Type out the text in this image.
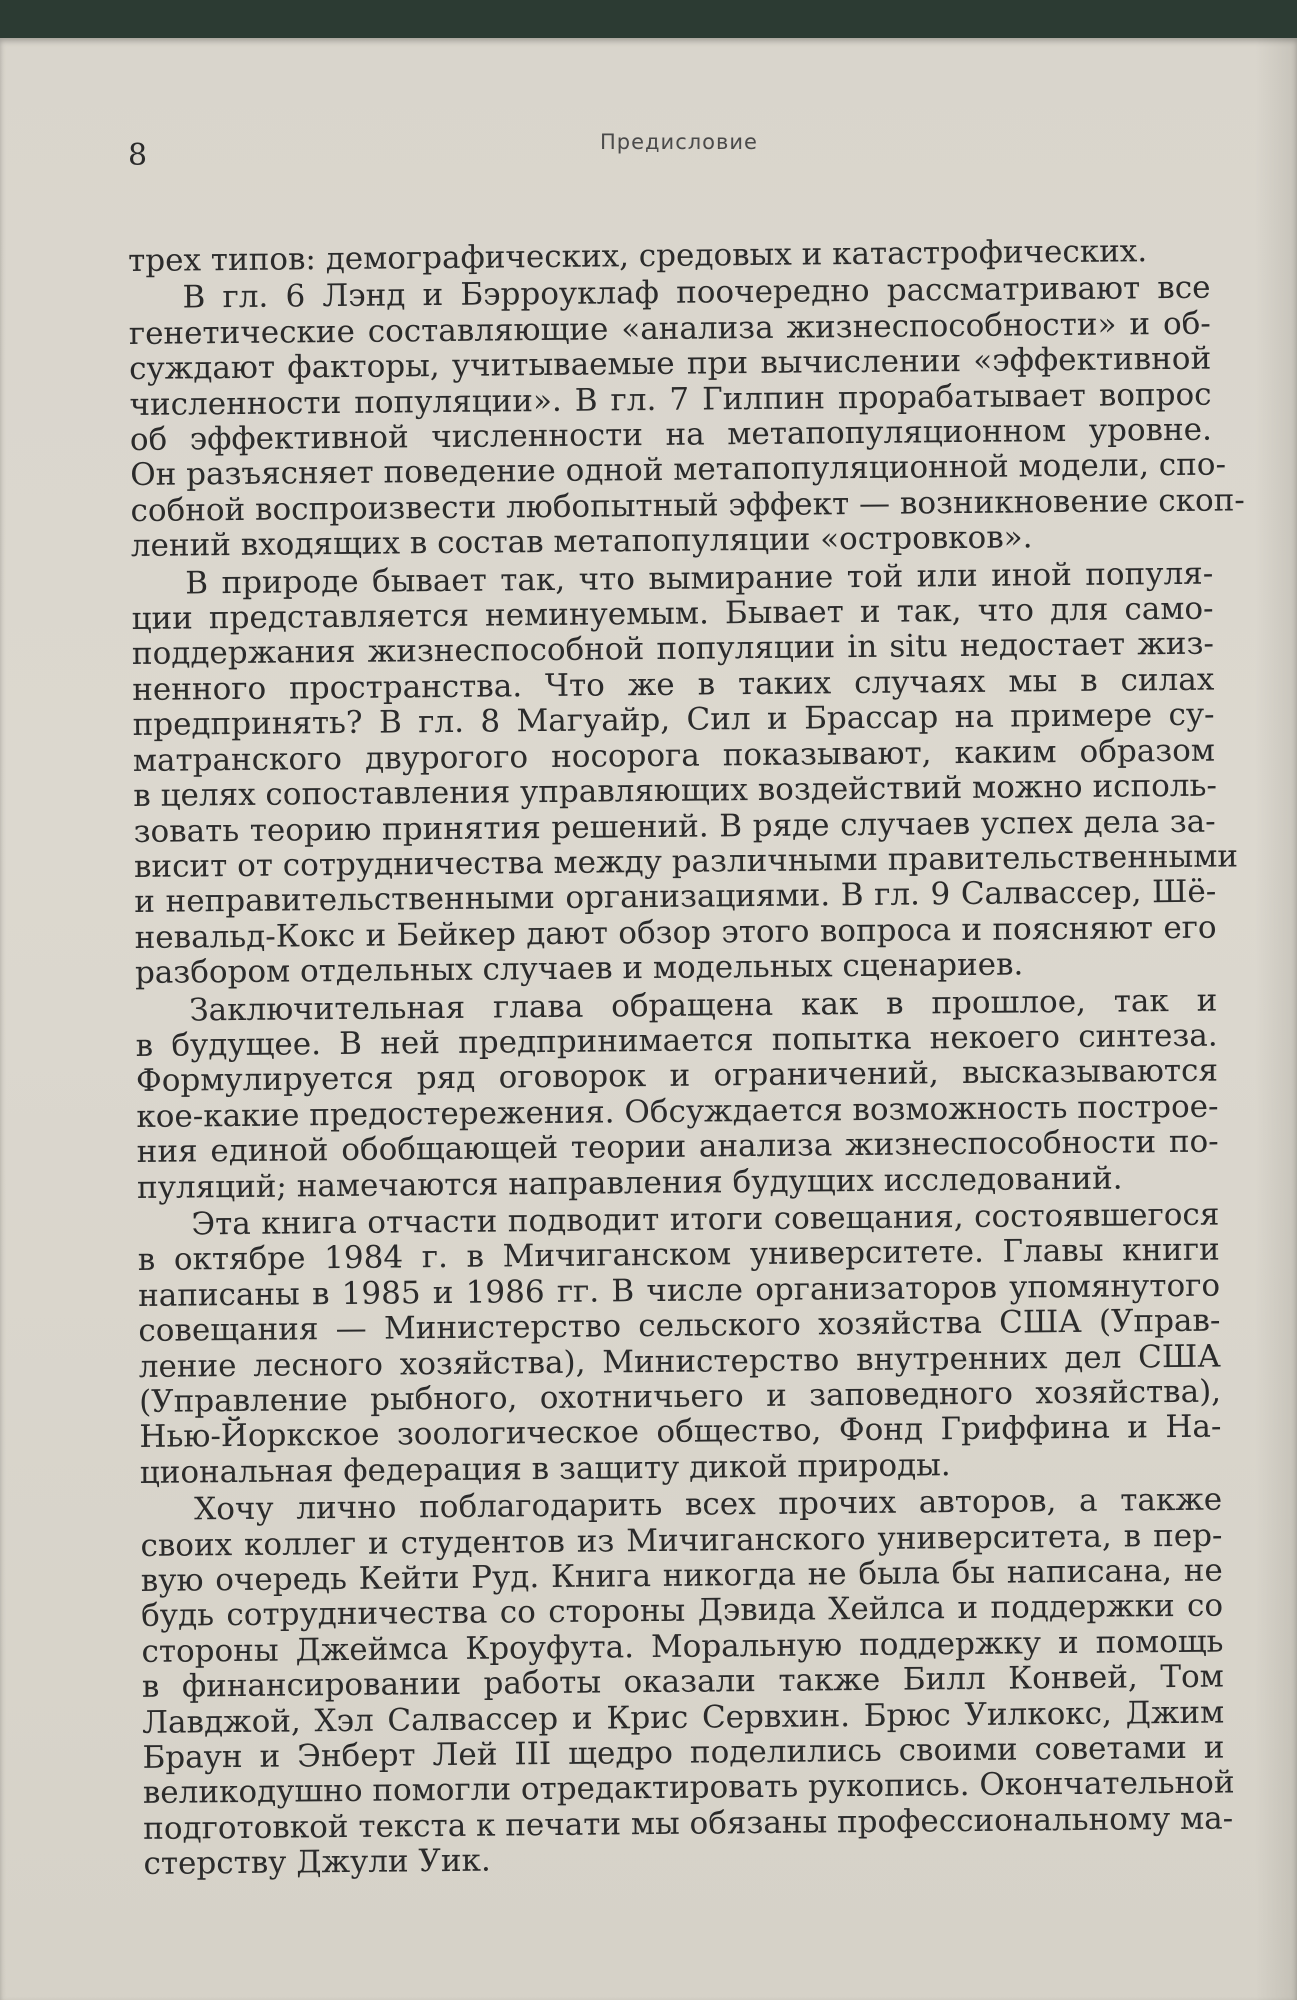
8	Предисловие

трех типов: демографических, средовых и катастрофических.

В гл. 6 Лэнд и Бэрроуклаф поочередно рассматривают все
генетические составляющие «анализа жизнеспособности» и об-
суждают факторы, учитываемые при вычислении «эффективной
численности популяции». В гл. 7 Гилпин прорабатывает вопрос
об эффективной численности на метапопуляционном уровне.
Он разъясняет поведение одной метапопуляционной модели, спо-
собной воспроизвести любопытный эффект — возникновение скоп-
лений входящих в состав метапопуляции «островков».

В природе бывает так, что вымирание той или иной популя-
ции представляется неминуемым. Бывает и так, что для само-
поддержания жизнеспособной популяции in situ недостает жиз-
ненного пространства. Что же в таких случаях мы в силах
предпринять? В гл. 8 Магуайр, Сил и Брассар на примере су-
матранского двурогого носорога показывают, каким образом
в целях сопоставления управляющих воздействий можно исполь-
зовать теорию принятия решений. В ряде случаев успех дела за-
висит от сотрудничества между различными правительственными
и неправительственными организациями. В гл. 9 Салвассер, Шё-
невальд-Кокс и Бейкер дают обзор этого вопроса и поясняют его
разбором отдельных случаев и модельных сценариев.

Заключительная глава обращена как в прошлое, так и
в будущее. В ней предпринимается попытка некоего синтеза.
Формулируется ряд оговорок и ограничений, высказываются
кое-какие предостережения. Обсуждается возможность построе-
ния единой обобщающей теории анализа жизнеспособности по-
пуляций; намечаются направления будущих исследований.

Эта книга отчасти подводит итоги совещания, состоявшегося
в октябре 1984 г. в Мичиганском университете. Главы книги
написаны в 1985 и 1986 гг. В числе организаторов упомянутого
совещания — Министерство сельского хозяйства США (Управ-
ление лесного хозяйства), Министерство внутренних дел США
(Управление рыбного, охотничьего и заповедного хозяйства),
Нью-Йоркское зоологическое общество, Фонд Гриффина и На-
циональная федерация в защиту дикой природы.

Хочу лично поблагодарить всех прочих авторов, а также
своих коллег и студентов из Мичиганского университета, в пер-
вую очередь Кейти Руд. Книга никогда не была бы написана, не
будь сотрудничества со стороны Дэвида Хейлса и поддержки со
стороны Джеймса Кроуфута. Моральную поддержку и помощь
в финансировании работы оказали также Билл Конвей, Том
Лавджой, Хэл Салвассер и Крис Сервхин. Брюс Уилкокс, Джим
Браун и Энберт Лей III щедро поделились своими советами и
великодушно помогли отредактировать рукопись. Окончательной
подготовкой текста к печати мы обязаны профессиональному ма-
стерству Джули Уик.
